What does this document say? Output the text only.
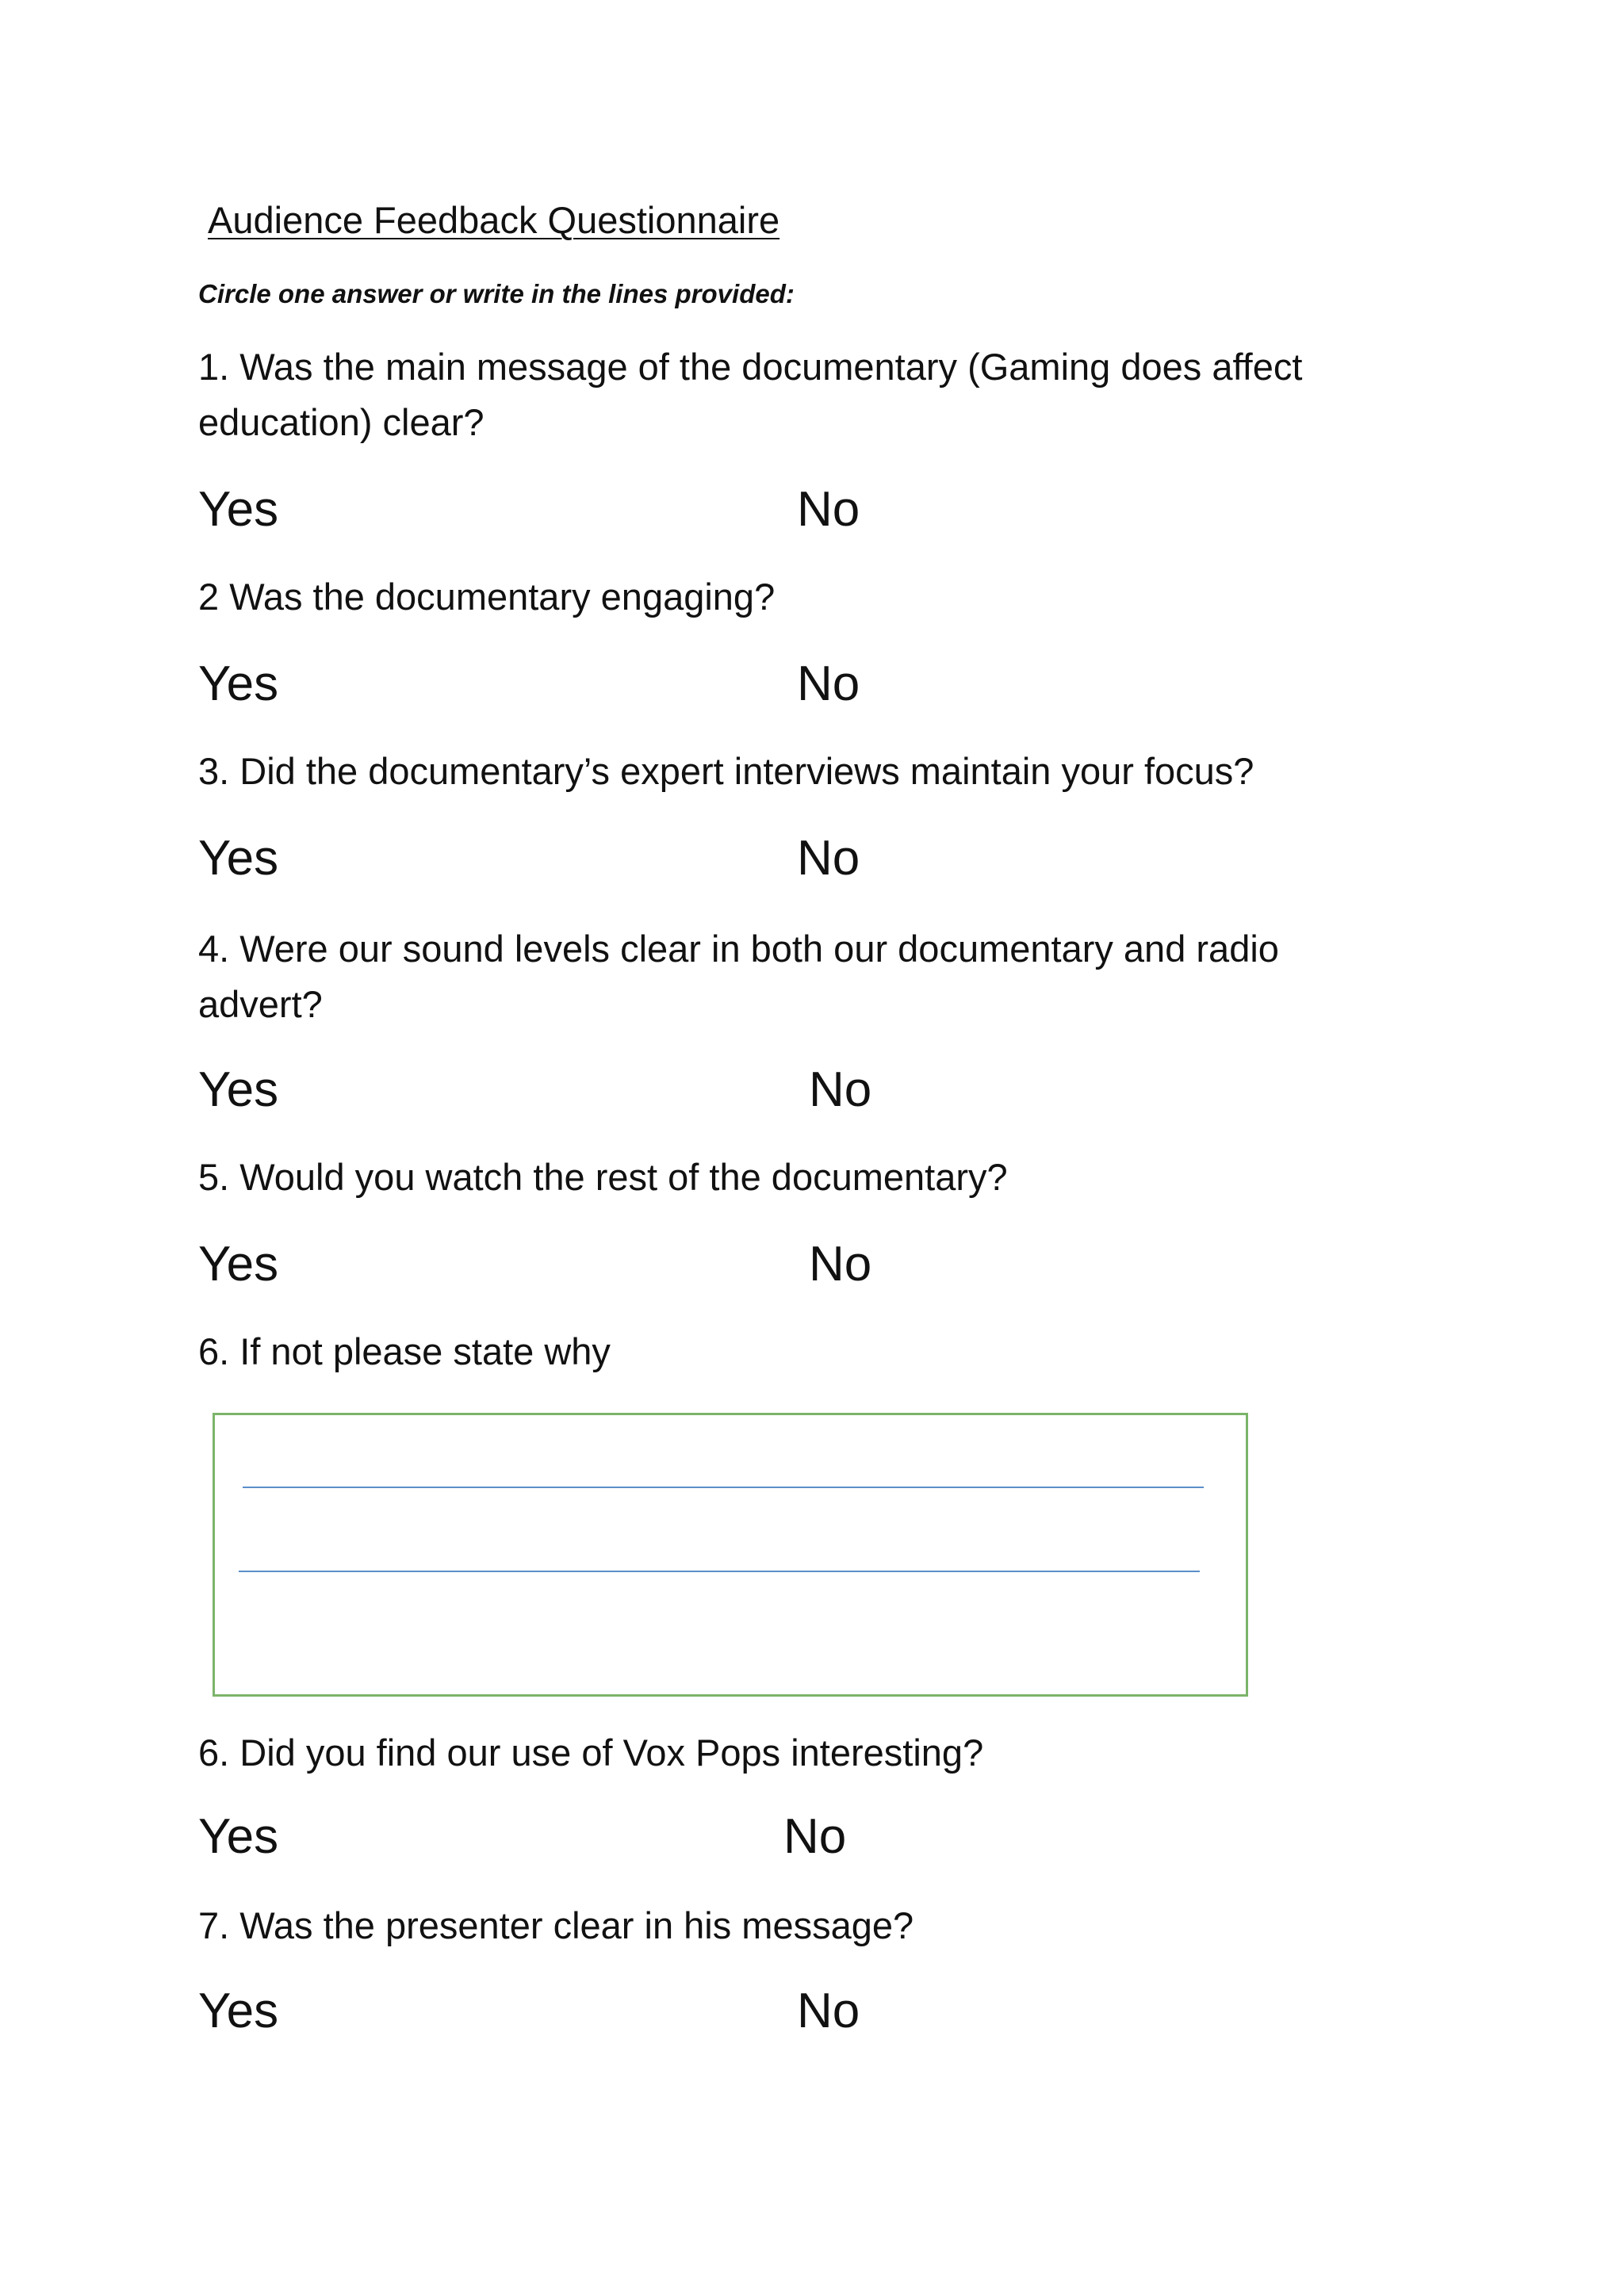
Audience Feedback Questionnaire
Circle one answer or write in the lines provided:
1. Was the main message of the documentary (Gaming does affect
education) clear?
Yes	No
2 Was the documentary engaging?
Yes	No
3. Did the documentary’s expert interviews maintain your focus?
Yes	No
4. Were our sound levels clear in both our documentary and radio
advert?
Yes	No
5. Would you watch the rest of the documentary?
Yes	No
6. If not please state why
6. Did you find our use of Vox Pops interesting?
Yes	No
7. Was the presenter clear in his message?
Yes	No
